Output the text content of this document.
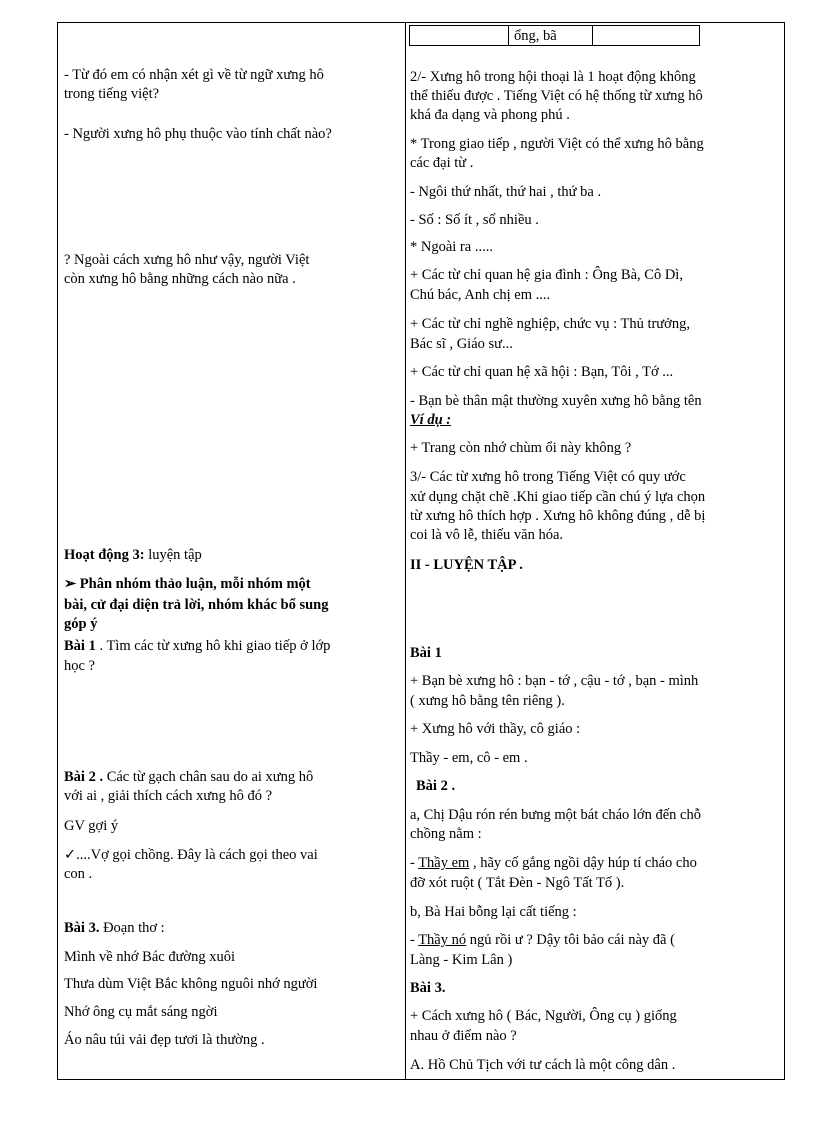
ổng, bã
- Từ đó em có nhận xét gì về từ ngữ xưng hô
trong tiếng việt?
- Người xưng hô phụ thuộc vào tính chất nào?
? Ngoài cách xưng hô như vậy, người Việt
còn xưng hô bằng những cách nào nữa .
Hoạt động 3: luyện tập
➢ Phân nhóm thảo luận, mỗi nhóm một
bài, cử đại diện trả lời, nhóm khác bổ sung
góp ý
Bài 1 . Tìm các từ xưng hô khi giao tiếp ở lớp
học ?
Bài 2 . Các từ gạch chân sau do ai xưng hô
với ai , giải thích cách xưng hô đó ?
GV gợi ý
✓....Vợ gọi chồng. Đây là cách gọi theo vai
con .
Bài 3. Đoạn thơ :
Mình về nhớ Bác đường xuôi
Thưa dùm Việt Bắc không nguôi nhớ người
Nhớ ông cụ mắt sáng ngời
Áo nâu túi vải đẹp tươi là thường .
2/- Xưng hô trong hội thoại là 1 hoạt động không
thể thiếu được . Tiếng Việt có hệ thống từ xưng hô
khá đa dạng và phong phú .
* Trong giao tiếp , người Việt có thể xưng hô bằng
các đại từ .
- Ngôi thứ nhất, thứ hai , thứ ba .
- Số : Số ít , số nhiều .
* Ngoài ra .....
+ Các từ chỉ quan hệ gia đình : Ông Bà, Cô Dì,
Chú bác, Anh chị em ....
+ Các từ chỉ nghề nghiệp, chức vụ : Thủ trưởng,
Bác sĩ , Giáo sư...
+ Các từ chỉ quan hệ xã hội : Bạn, Tôi , Tớ ...
- Bạn bè thân mật thường xuyên xưng hô bằng tên
Ví dụ :
+ Trang còn nhớ chùm ổi này không ?
3/- Các từ xưng hô trong Tiếng Việt có quy ước
xử dụng chặt chẽ .Khi giao tiếp cần chú ý lựa chọn
từ xưng hô thích hợp . Xưng hô không đúng , dễ bị
coi là vô lễ, thiếu văn hóa.
II - LUYỆN TẬP .
Bài 1
+ Bạn bè xưng hô : bạn - tớ , cậu - tớ , bạn - mình
( xưng hô bằng tên riêng ).
+ Xưng hô với thầy, cô giáo :
Thầy - em, cô - em .
Bài 2 .
a, Chị Dậu rón rén bưng một bát cháo lớn đến chỗ
chồng nằm :
- Thầy em , hãy cố gắng ngồi dậy húp tí cháo cho
đỡ xót ruột ( Tắt Đèn - Ngô Tất Tố ).
b, Bà Hai bỗng lại cất tiếng :
- Thầy nó ngủ rồi ư ? Dậy tôi bảo cái này đã (
Làng - Kim Lân )
Bài 3.
+ Cách xưng hô ( Bác, Người, Ông cụ ) giống
nhau ở điểm nào ?
A. Hồ Chủ Tịch với tư cách là một công dân .
